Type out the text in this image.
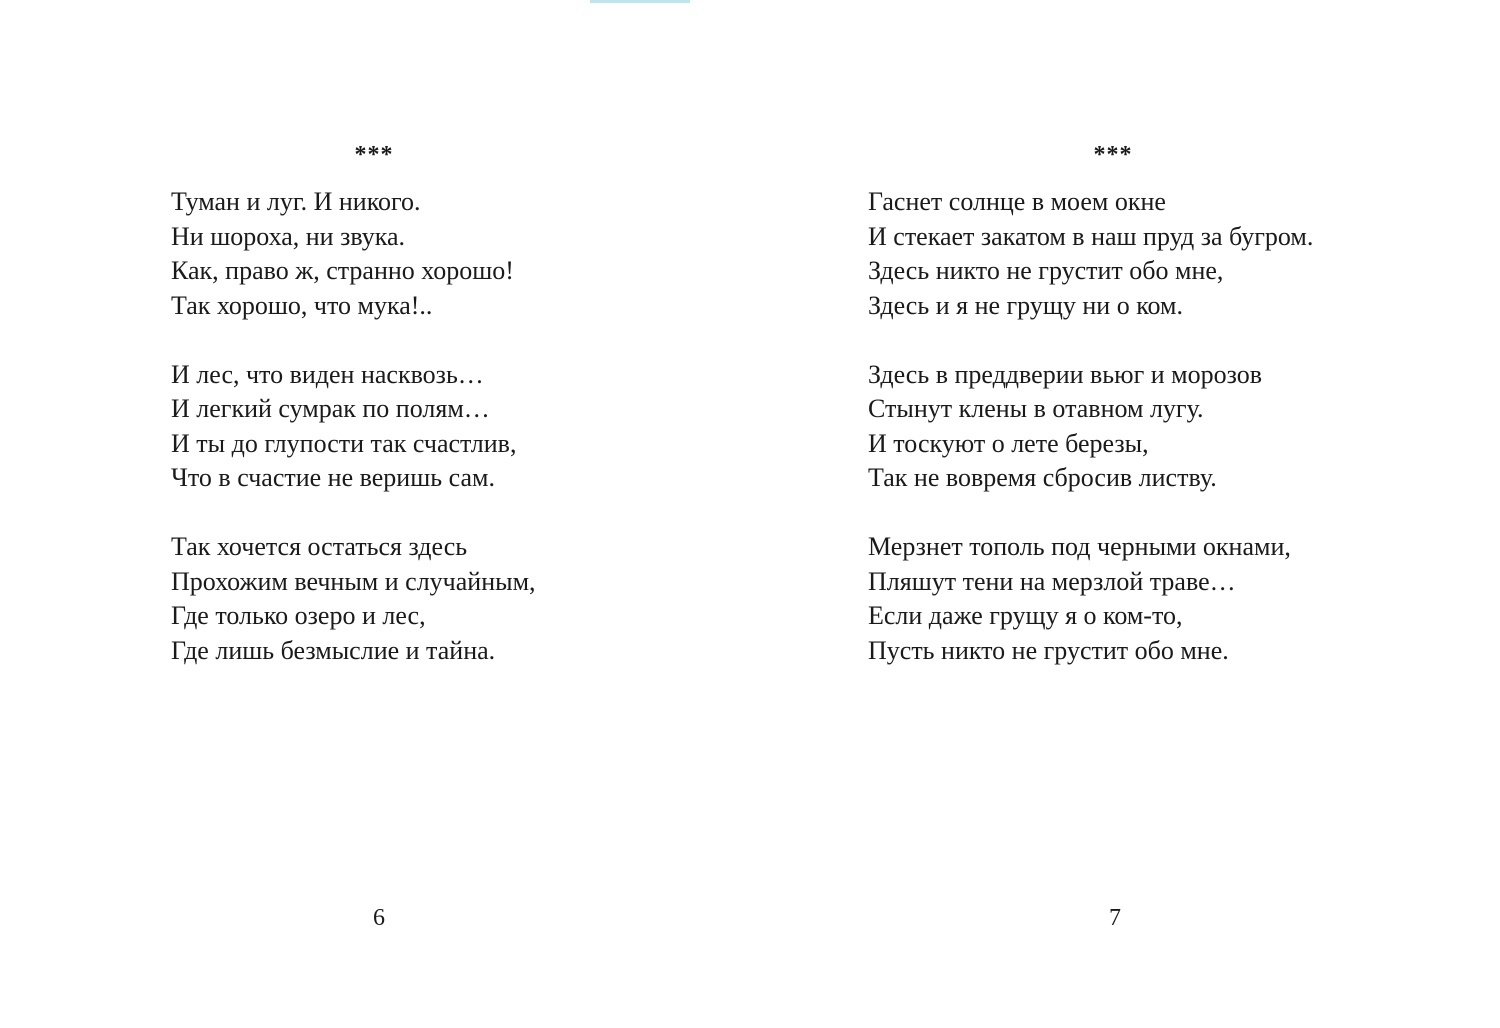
***
Туман и луг. И никого.
Ни шороха, ни звука.
Как, право ж, странно хорошо!
Так хорошо, что мука!..
И лес, что виден насквозь…
И легкий сумрак по полям…
И ты до глупости так счастлив,
Что в счастие не веришь сам.
Так хочется остаться здесь
Прохожим вечным и случайным,
Где только озеро и лес,
Где лишь безмыслие и тайна.
6
***
Гаснет солнце в моем окне
И стекает закатом в наш пруд за бугром.
Здесь никто не грустит обо мне,
Здесь и я не грущу ни о ком.
Здесь в преддверии вьюг и морозов
Стынут клены в отавном лугу.
И тоскуют о лете березы,
Так не вовремя сбросив листву.
Мерзнет тополь под черными окнами,
Пляшут тени на мерзлой траве…
Если даже грущу я о ком-то,
Пусть никто не грустит обо мне.
7
